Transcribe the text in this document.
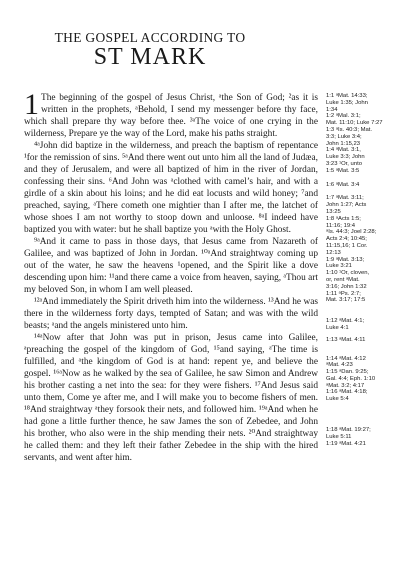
THE GOSPEL ACCORDING TO
ST MARK

1 The beginning of the gospel of Jesus Christ, ᵃthe Son of God; ²as it is written in the prophets, ᵃBehold, I send my messenger before thy face, which shall prepare thy way before thee. ³ᵃThe voice of one crying in the wilderness, Prepare ye the way of the Lord, make his paths straight.

⁴ᵃJohn did baptize in the wilderness, and preach the baptism of repentance ¹for the remission of sins. ⁵ᵃAnd there went out unto him all the land of Judæa, and they of Jerusalem, and were all baptized of him in the river of Jordan, confessing their sins. ⁶And John was ᵃclothed with camel’s hair, and with a girdle of a skin about his loins; and he did eat locusts and wild honey; ⁷and preached, saying, ᵃThere cometh one mightier than I after me, the latchet of whose shoes I am not worthy to stoop down and unloose. ⁸ᵃI indeed have baptized you with water: but he shall baptize you ᵃwith the Holy Ghost.

⁹ᵃAnd it came to pass in those days, that Jesus came from Nazareth of Galilee, and was baptized of John in Jordan. ¹⁰ᵃAnd straightway coming up out of the water, he saw the heavens ¹opened, and the Spirit like a dove descending upon him: ¹¹and there came a voice from heaven, saying, ᵃThou art my beloved Son, in whom I am well pleased.

¹²ᵃAnd immediately the Spirit driveth him into the wilderness. ¹³And he was there in the wilderness forty days, tempted of Satan; and was with the wild beasts; ᵃand the angels ministered unto him.

¹⁴ᵃNow after that John was put in prison, Jesus came into Galilee, ᵃpreaching the gospel of the kingdom of God, ¹⁵and saying, ᵃThe time is fulfilled, and ᵃthe kingdom of God is at hand: repent ye, and believe the gospel. ¹⁶ᵃNow as he walked by the sea of Galilee, he saw Simon and Andrew his brother casting a net into the sea: for they were fishers. ¹⁷And Jesus said unto them, Come ye after me, and I will make you to become fishers of men. ¹⁸And straightway ᵃthey forsook their nets, and followed him. ¹⁹ᵃAnd when he had gone a little further thence, he saw James the son of Zebedee, and John his brother, who also were in the ship mending their nets. ²⁰And straightway he called them: and they left their father Zebedee in the ship with the hired servants, and went after him.

1:1 ᵃMat. 14:33;
Luke 1:35; John
1:34
1:2 ᵃMal. 3:1;
Mat. 11:10; Luke 7:27
1:3 ᵃIs. 40:3; Mat.
3:3; Luke 3:4;
John 1:15,23
1:4 ᵃMat. 3:1,
Luke 3:3; John
3:23 ¹Or, unto
1:5 ᵃMat. 3:5
1:6 ᵃMat. 3:4
1:7 ᵃMat. 3:11;
John 1:27; Acts
13:25
1:8 ᵃActs 1:5;
11:16; 19:4
ᵃIs. 44:3; Joel 2:28;
Acts 2:4; 10:45;
11:15,16; 1 Cor.
12:13
1:9 ᵃMat. 3:13;
Luke 3:21
1:10 ¹Or, cloven,
or, rent ᵃMat.
3:16; John 1:32
1:11 ᵃPs. 2:7;
Mat. 3:17; 17:5
1:12 ᵃMat. 4:1;
Luke 4:1
1:13 ᵃMat. 4:11
1:14 ᵃMat. 4:12
ᵃMat. 4:23
1:15 ᵃDan. 9:25;
Gal. 4:4; Eph. 1:10
ᵃMat. 3:2; 4:17
1:16 ᵃMat. 4:18;
Luke 5:4
1:18 ᵃMat. 19:27;
Luke 5:11
1:19 ᵃMat. 4:21
